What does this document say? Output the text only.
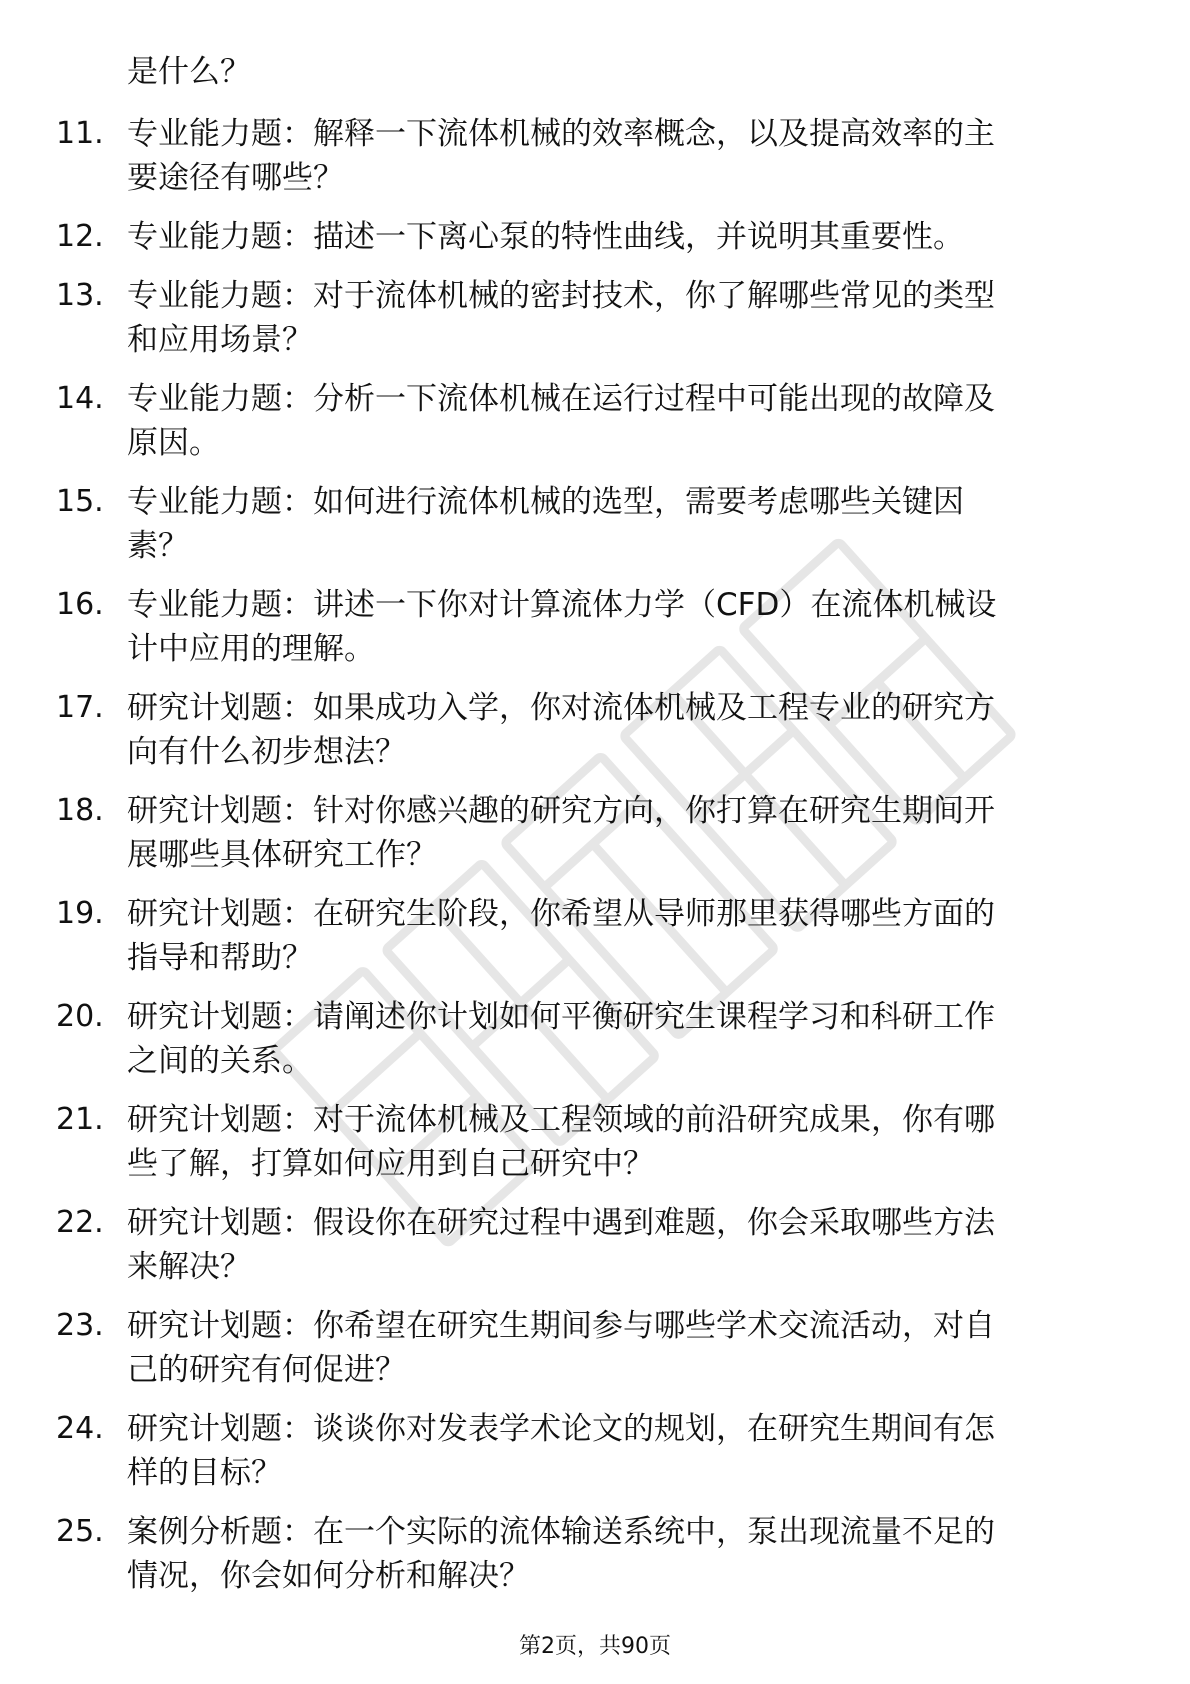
是什么？
11. 专业能力题：解释一下流体机械的效率概念，以及提高效率的主
要途径有哪些？
12. 专业能力题：描述一下离心泵的特性曲线，并说明其重要性。
13. 专业能力题：对于流体机械的密封技术，你了解哪些常见的类型
和应用场景？
14. 专业能力题：分析一下流体机械在运行过程中可能出现的故障及
原因。
15. 专业能力题：如何进行流体机械的选型，需要考虑哪些关键因
素？
16. 专业能力题：讲述一下你对计算流体力学（CFD）在流体机械设
计中应用的理解。
17. 研究计划题：如果成功入学，你对流体机械及工程专业的研究方
向有什么初步想法？
18. 研究计划题：针对你感兴趣的研究方向，你打算在研究生期间开
展哪些具体研究工作？
19. 研究计划题：在研究生阶段，你希望从导师那里获得哪些方面的
指导和帮助？
20. 研究计划题：请阐述你计划如何平衡研究生课程学习和科研工作
之间的关系。
21. 研究计划题：对于流体机械及工程领域的前沿研究成果，你有哪
些了解，打算如何应用到自己研究中？
22. 研究计划题：假设你在研究过程中遇到难题，你会采取哪些方法
来解决？
23. 研究计划题：你希望在研究生期间参与哪些学术交流活动，对自
己的研究有何促进？
24. 研究计划题：谈谈你对发表学术论文的规划，在研究生期间有怎
样的目标？
25. 案例分析题：在一个实际的流体输送系统中，泵出现流量不足的
情况，你会如何分析和解决？
第2页，共90页
